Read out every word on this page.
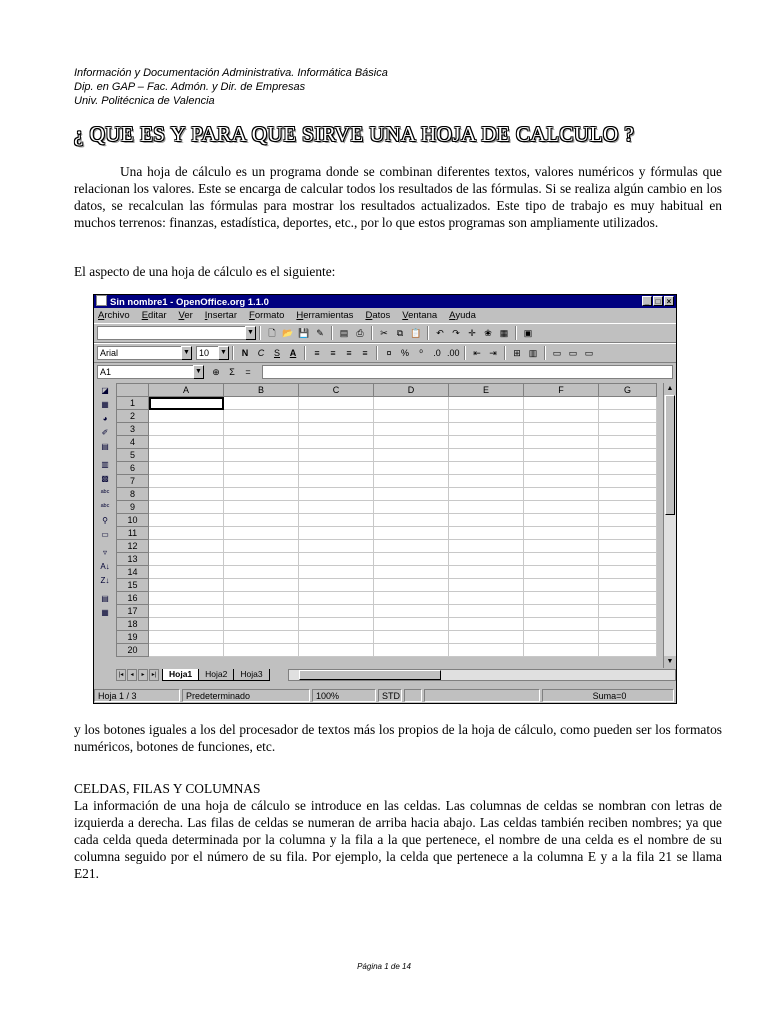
Información y Documentación Administrativa. Informática Básica
Dip. en GAP – Fac. Admón. y Dir. de Empresas
Univ. Politécnica de Valencia
¿ QUE ES Y PARA QUE SIRVE UNA HOJA DE CALCULO ?
Una hoja de cálculo es un programa donde se combinan diferentes textos, valores numéricos y fórmulas que relacionan los valores. Este se encarga de calcular todos los resultados de las fórmulas. Si se realiza algún cambio en los datos, se recalculan las fórmulas para mostrar los resultados actualizados. Este tipo de trabajo es muy habitual en muchos terrenos: finanzas, estadística, deportes, etc., por lo que estos programas son ampliamente utilizados.
El aspecto de una hoja de cálculo es el siguiente:
Sin nombre1 - OpenOffice.org 1.1.0	_ □ ×
Archivo Editar Ver Insertar Formato Herramientas Datos Ventana Ayuda
▼ 🗋 📂 💾 ✎ ▤ ⎙ ✂	⧉ 📋 ↶ ↷ ✛ ❀ ▦ ▣
Arial	▼	10	▼	N	C	S	A	≡	≡	≡	≡	¤	%	⁰	.0 .00 ⇤ ⇥ ⊞ ▥ ▭ ▭ ▭
A1	▼ ⊕	Σ	=
◪
▦
◕
✐
▤
▥
▩
ᵃᵇᶜ
ᵃᵇᶜ
⚲
▭
▿
A↓
Z↓
▤
▦
	A	B	C	D	E	F	G
1							
2							
3							
4							
5							
6							
7							
8							
9							
10							
11							
12							
13							
14							
15							
16							
17							
18							
19							
20							
▲
▼
|◂	◂	▸	▸|	Hoja1	Hoja2	Hoja3
Hoja 1 / 3	Predeterminado	100%	STD	Suma=0
y los botones iguales a los del procesador de textos más los propios de la hoja de cálculo, como pueden ser los formatos numéricos, botones de funciones, etc.
CELDAS, FILAS Y COLUMNAS
La información de una hoja de cálculo se introduce en las celdas. Las columnas de celdas se nombran con letras de izquierda a derecha. Las filas de celdas se numeran de arriba hacia abajo. Las celdas también reciben nombres; ya que cada celda queda determinada por la columna y la fila a la que pertenece, el nombre de una celda es el nombre de su columna seguido por el número de su fila. Por ejemplo, la celda que pertenece a la columna E y a la fila 21 se llama E21.
Página 1 de 14
